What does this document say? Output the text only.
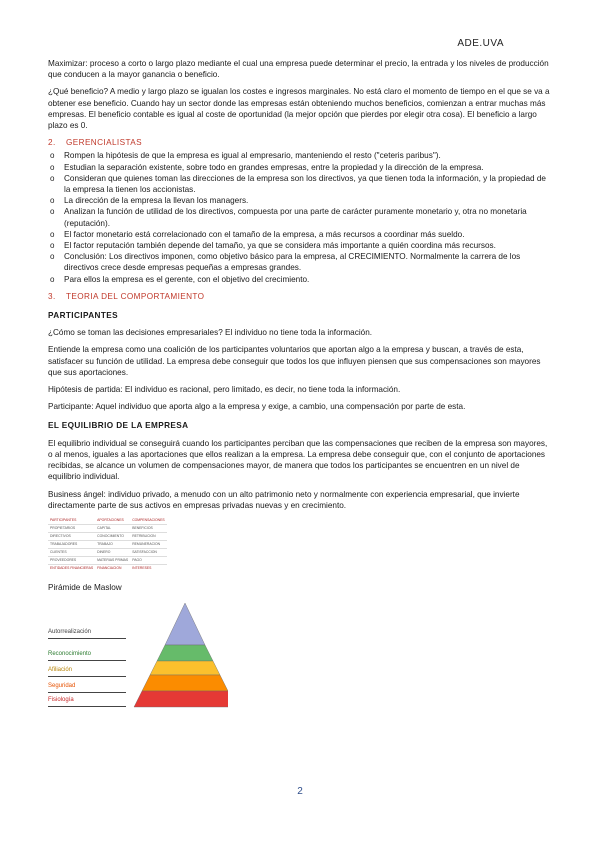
ADE.UVA

Maximizar: proceso a corto o largo plazo mediante el cual una empresa puede determinar el precio, la entrada y los niveles de producción que conducen a la mayor ganancia o beneficio.

¿Qué beneficio? A medio y largo plazo se igualan los costes e ingresos marginales. No está claro el momento de tiempo en el que se va a obtener ese beneficio. Cuando hay un sector donde las empresas están obteniendo muchos beneficios, comienzan a entrar muchas más empresas. El beneficio contable es igual al coste de oportunidad (la mejor opción que pierdes por elegir otra cosa). El beneficio a largo plazo es 0.

2. GERENCIALISTAS
o Rompen la hipótesis de que la empresa es igual al empresario, manteniendo el resto ("ceteris paribus").
o Estudian la separación existente, sobre todo en grandes empresas, entre la propiedad y la dirección de la empresa.
o Consideran que quienes toman las direcciones de la empresa son los directivos, ya que tienen toda la información, y la propiedad de la empresa la tienen los accionistas.
o La dirección de la empresa la llevan los managers.
o Analizan la función de utilidad de los directivos, compuesta por una parte de carácter puramente monetario y, otra no monetaria (reputación).
o El factor monetario está correlacionado con el tamaño de la empresa, a más recursos a coordinar más sueldo.
o El factor reputación también depende del tamaño, ya que se considera más importante a quién coordina más recursos.
o Conclusión: Los directivos imponen, como objetivo básico para la empresa, al CRECIMIENTO. Normalmente la carrera de los directivos crece desde empresas pequeñas a empresas grandes.
o Para ellos la empresa es el gerente, con el objetivo del crecimiento.
3. TEORIA DEL COMPORTAMIENTO
PARTICIPANTES

¿Cómo se toman las decisiones empresariales? El individuo no tiene toda la información.

Entiende la empresa como una coalición de los participantes voluntarios que aportan algo a la empresa y buscan, a través de esta, satisfacer su función de utilidad. La empresa debe conseguir que todos los que influyen piensen que sus compensaciones son mayores que sus aportaciones.

Hipótesis de partida: El individuo es racional, pero limitado, es decir, no tiene toda la información.

Participante: Aquel individuo que aporta algo a la empresa y exige, a cambio, una compensación por parte de esta.

EL EQUILIBRIO DE LA EMPRESA

El equilibrio individual se conseguirá cuando los participantes perciban que las compensaciones que reciben de la empresa son mayores, o al menos, iguales a las aportaciones que ellos realizan a la empresa. La empresa debe conseguir que, con el conjunto de aportaciones recibidas, se alcance un volumen de compensaciones mayor, de manera que todos los participantes se encuentren en un nivel de equilibrio individual.

Business ángel: individuo privado, a menudo con un alto patrimonio neto y normalmente con experiencia empresarial, que invierte directamente parte de sus activos en empresas privadas nuevas y en crecimiento.

PARTICIPANTES	APORTACIONES	COMPENSACIONES
PROPIETARIOS	CAPITAL	BENEFICIOS
DIRECTIVOS	CONOCIMIENTO	RETRIBUCION
TRABAJADORES	TRABAJO	REMUNERACION
CLIENTES	DINERO	SATISFACCION
PROVEEDORES	MATERIAS PRIMAS	PAGO
ENTIDADES FINANCIERAS	FINANCIACION	INTERESES
Pirámide de Maslow
Autorrealización
Reconocimiento
Afiliación
Seguridad
Fisiología
2
